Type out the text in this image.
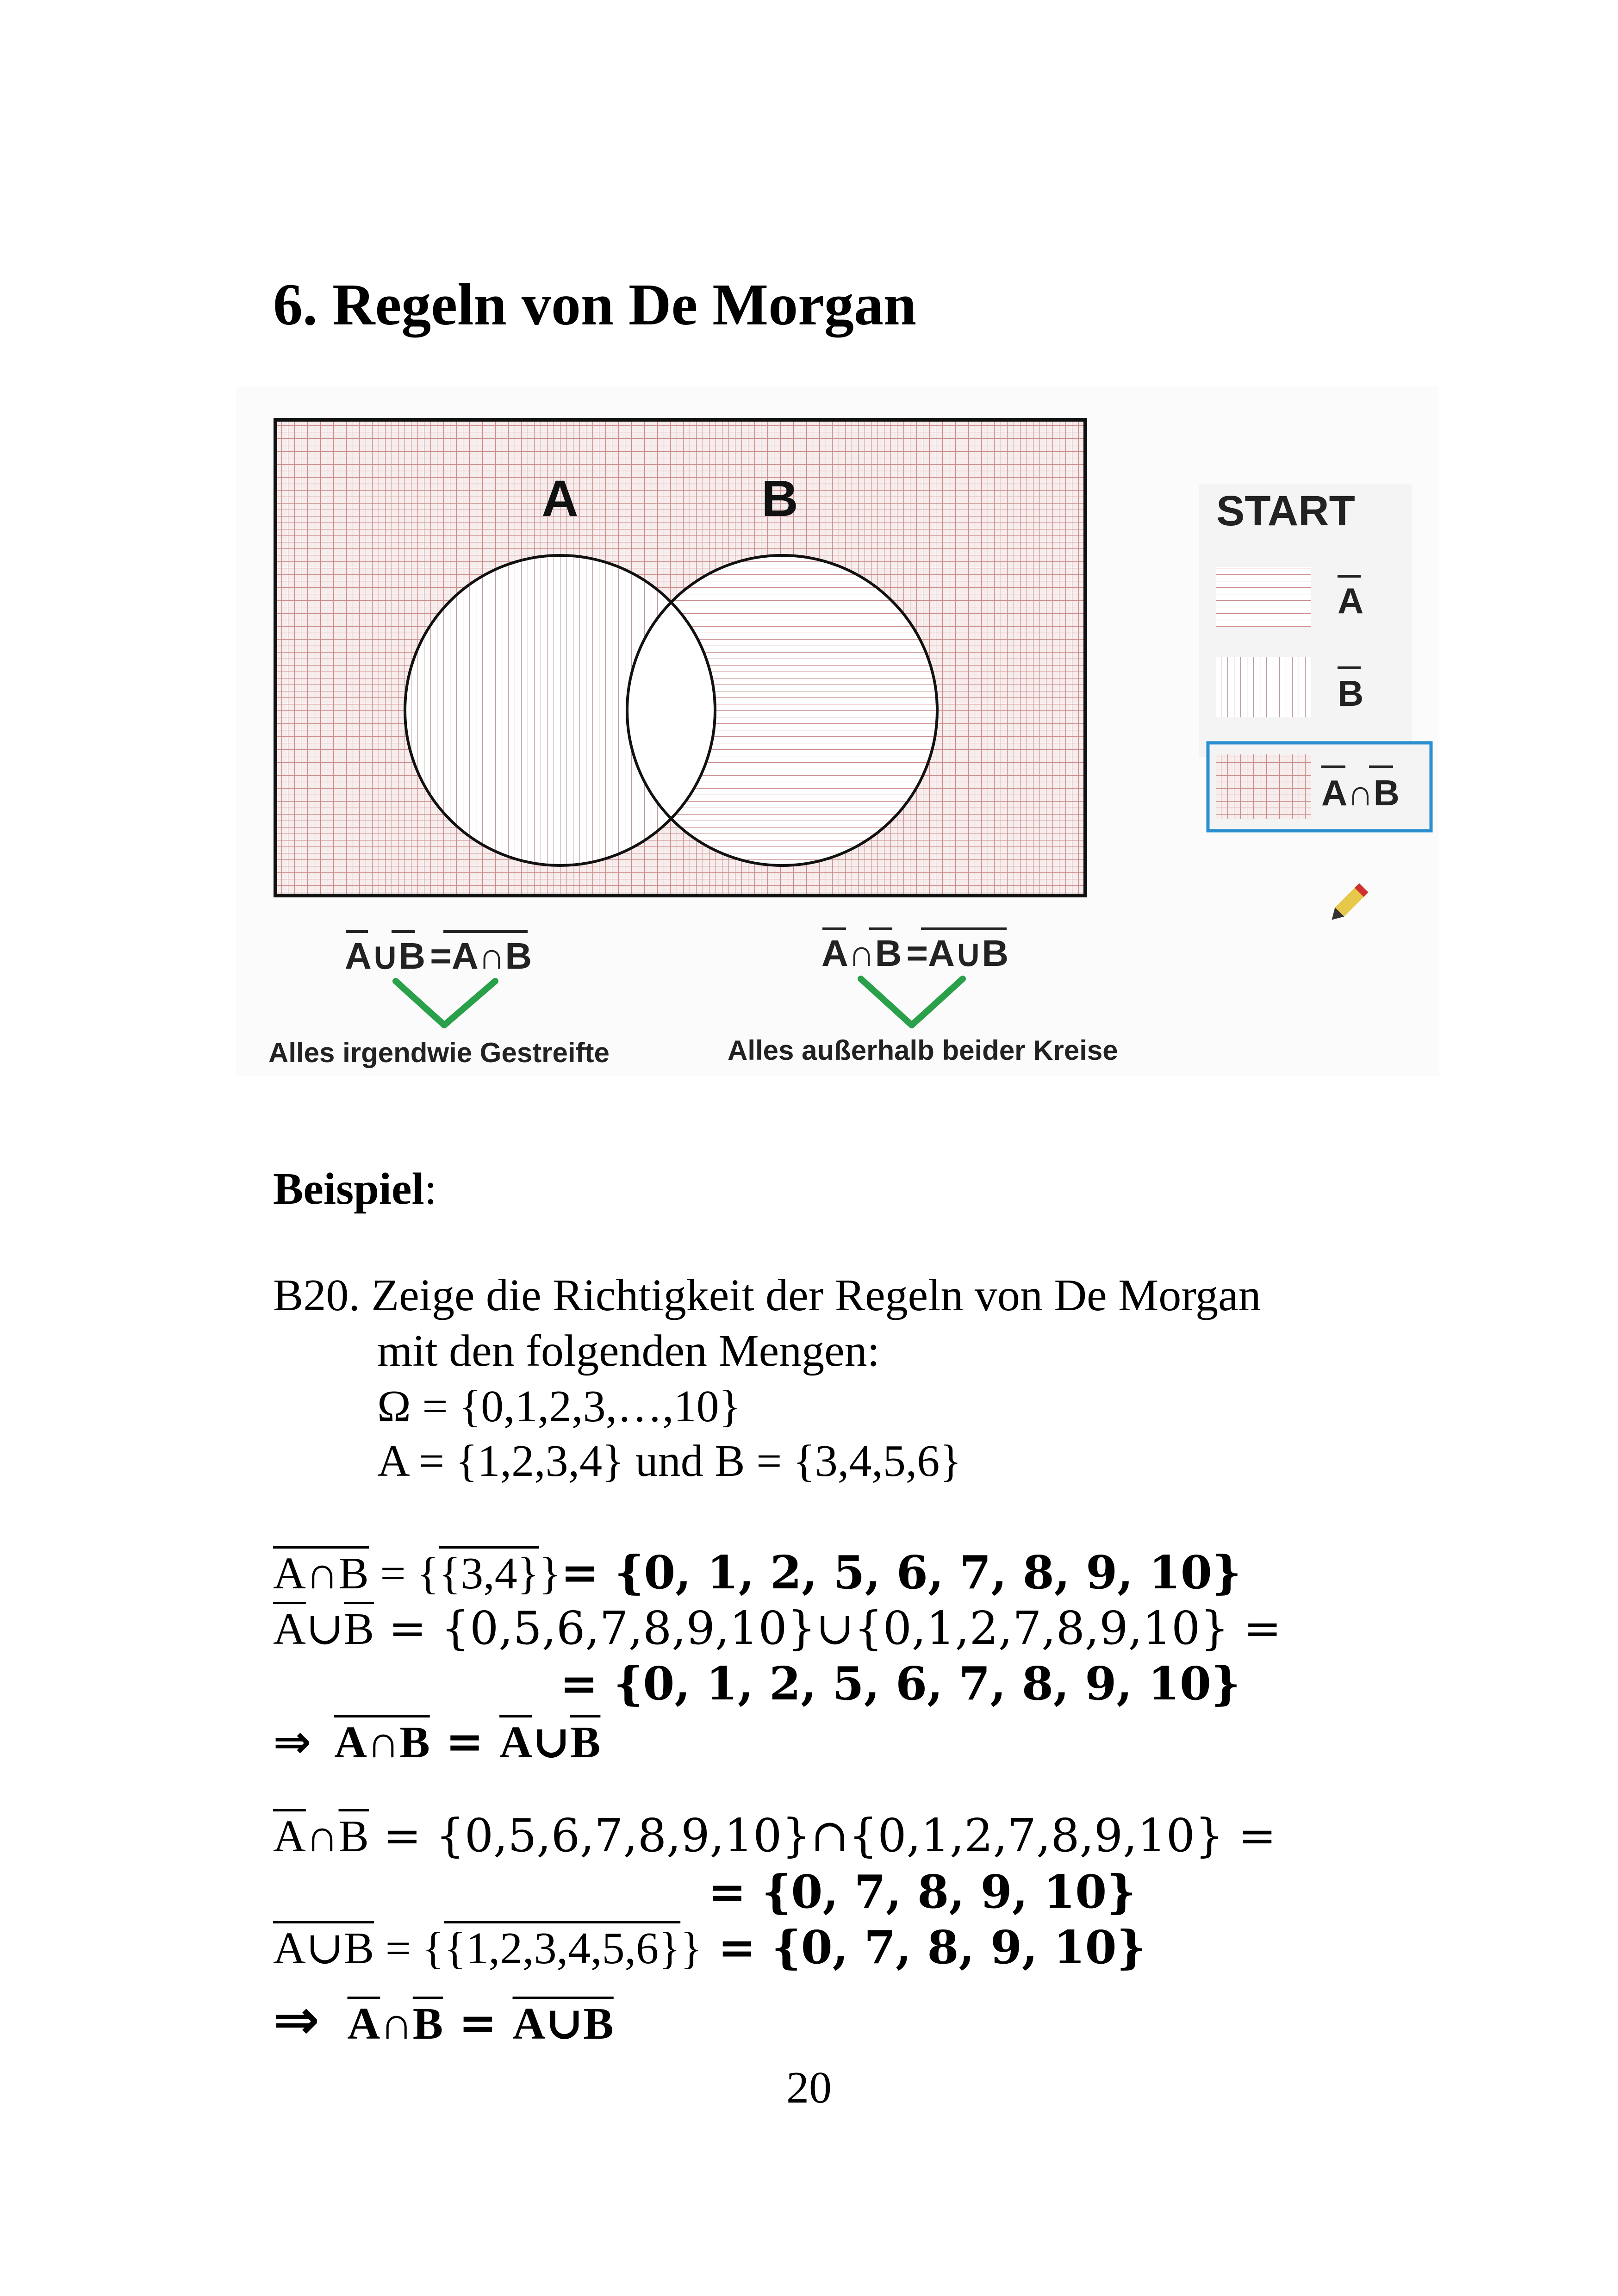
6. Regeln von De Morgan
A	B	START
A
B
A∩B
A∪B =A∩B
Alles irgendwie Gestreifte
A∩B =A∪B
Alles außerhalb beider Kreise
Beispiel:
B20. Zeige die Richtigkeit der Regeln von De Morgan
mit den folgenden Mengen:
Ω = {0,1,2,3,…,10}
A = {1,2,3,4} und B = {3,4,5,6}
A∩B = {{3,4}}= {0, 1, 2, 5, 6, 7, 8, 9, 10}
$\overline{A}\cup\overline{B}$ = {0,5,6,7,8,9,10}∪{0,1,2,7,8,9,10} =
= {0, 1, 2, 5, 6, 7, 8, 9, 10}
⇒ A∩B = $\overline{A}\cup\overline{B}$
$\overline{A}\cap\overline{B}$ = {0,5,6,7,8,9,10}∩{0,1,2,7,8,9,10} =
= {0, 7, 8, 9, 10}
A∪B = {{1,2,3,4,5,6}} = {0, 7, 8, 9, 10}
⇒ $\overline{A}\cap\overline{B}$ = A∪B
20
